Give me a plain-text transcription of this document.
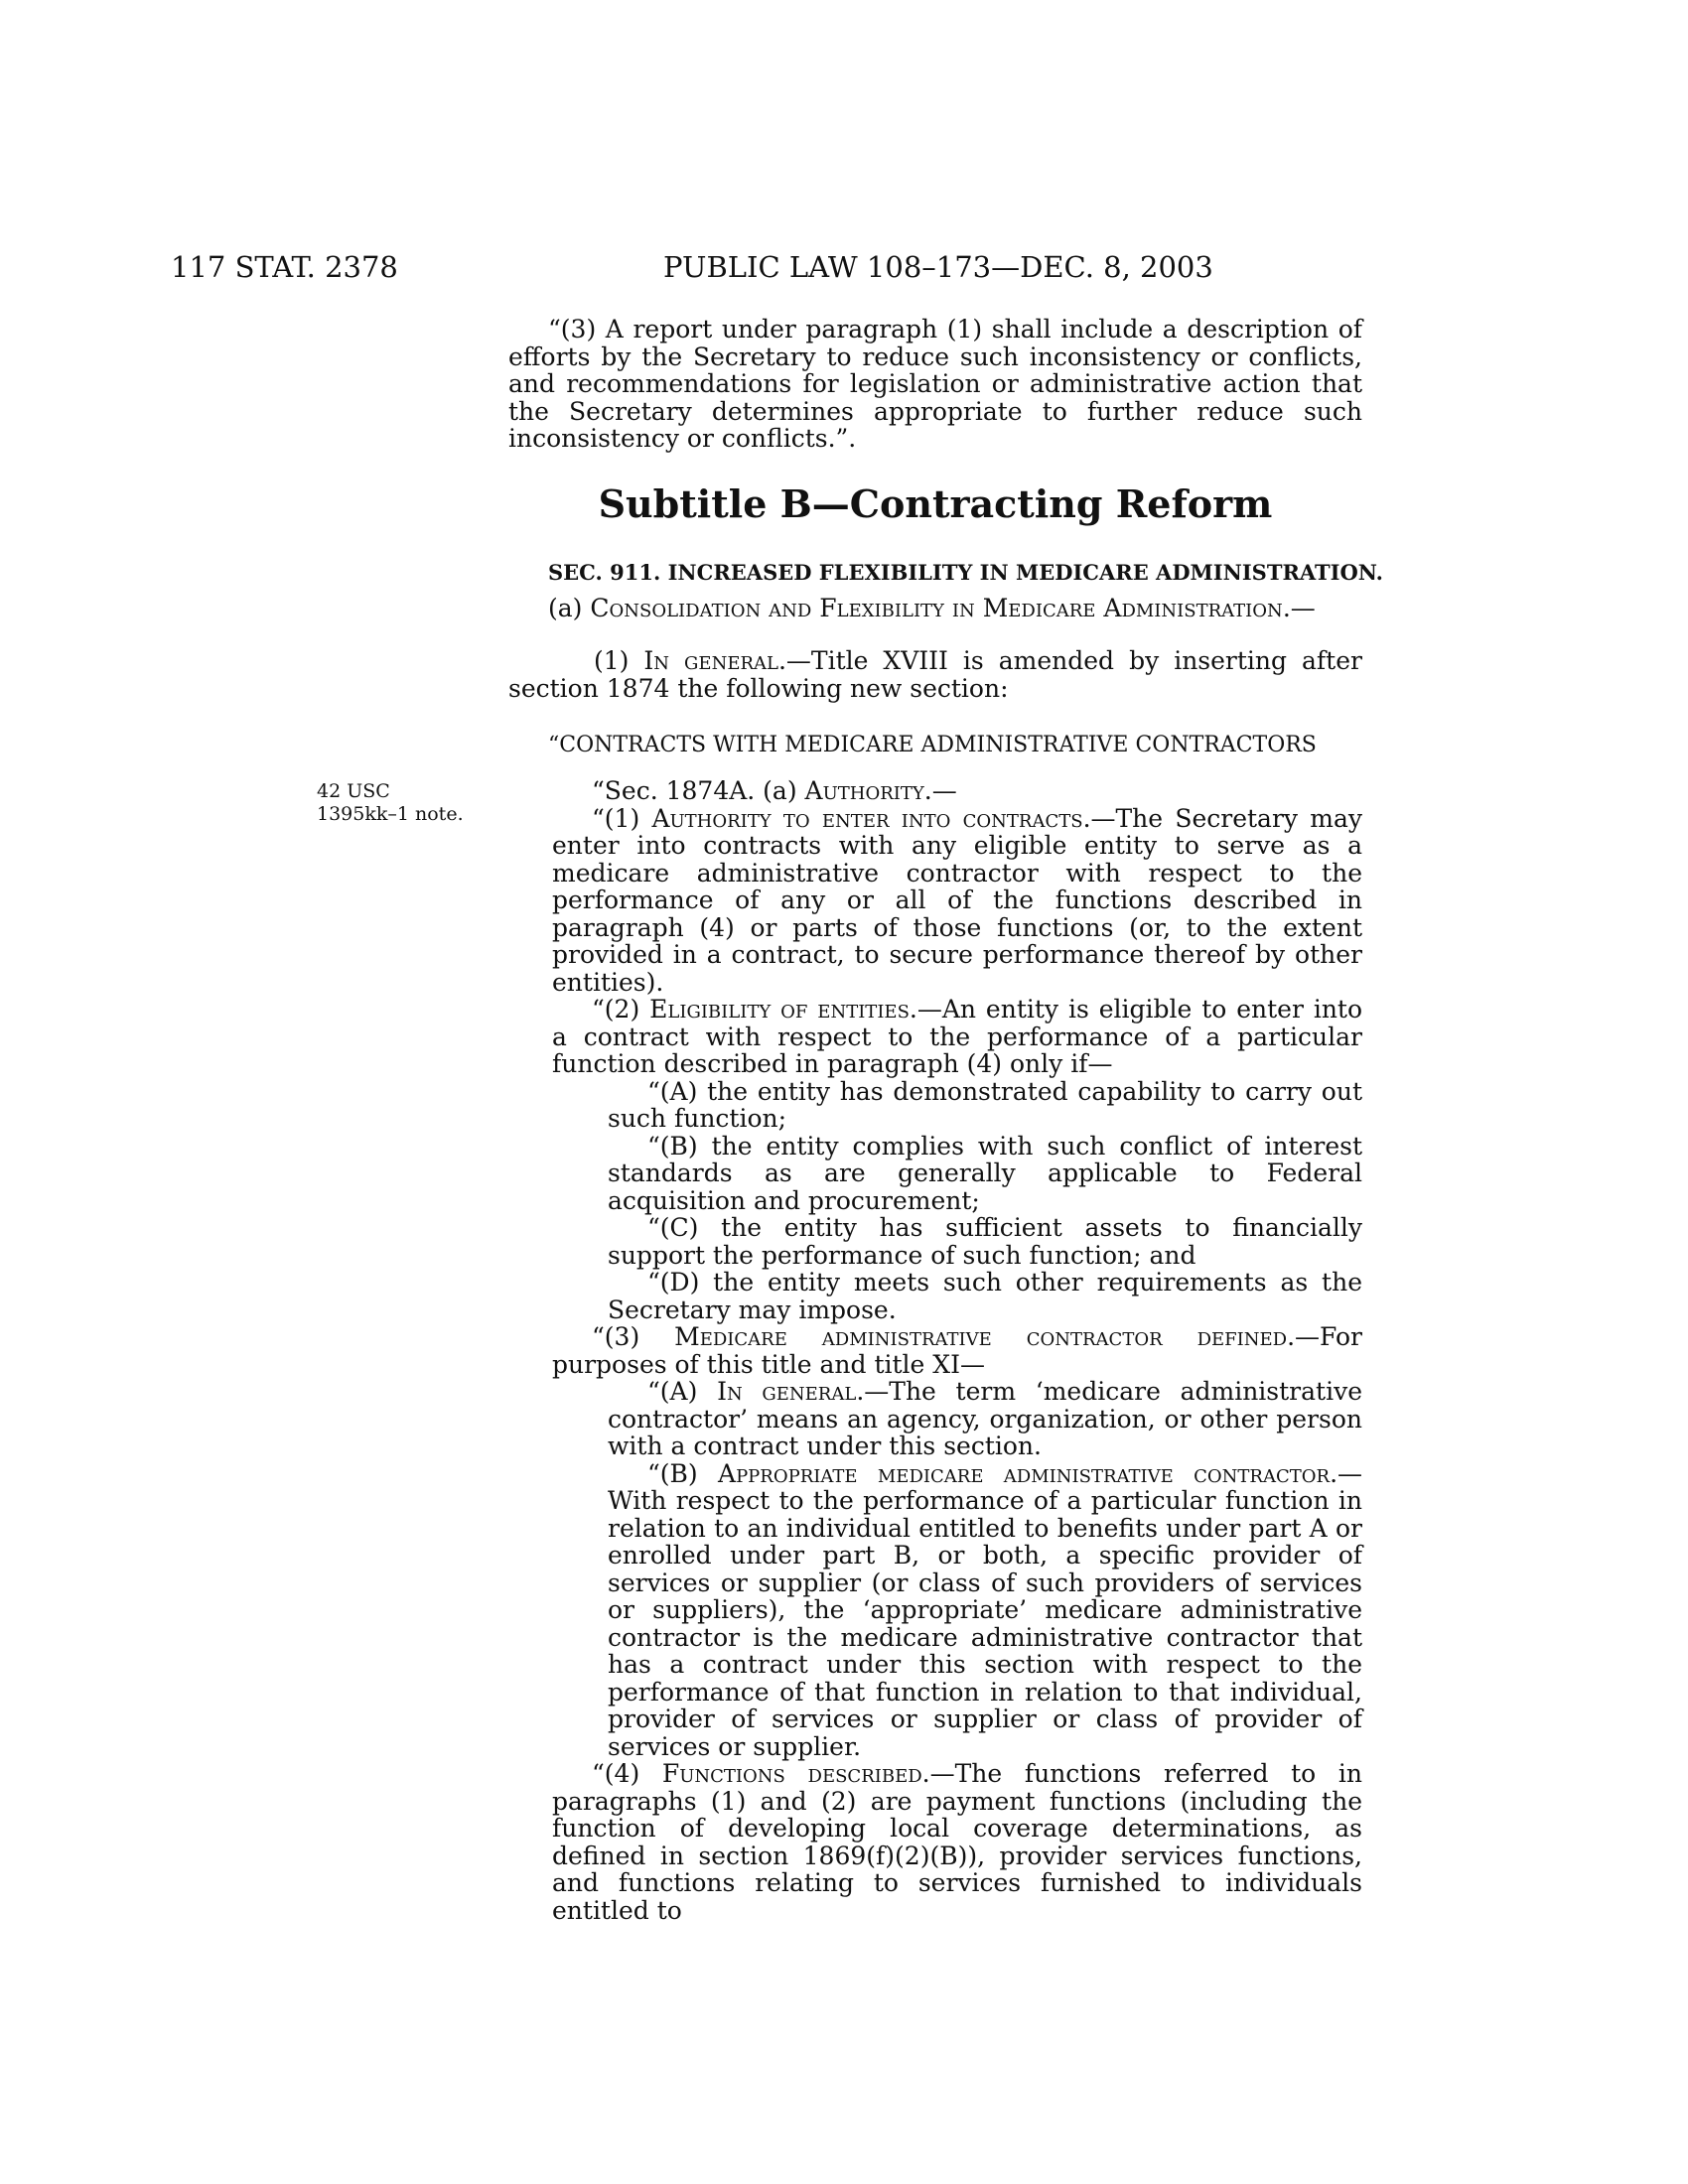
117 STAT. 2378	PUBLIC LAW 108–173—DEC. 8, 2003

“(3) A report under paragraph (1) shall include a description of efforts by the Secretary to reduce such inconsistency or conflicts, and recommendations for legislation or administrative action that the Secretary determines appropriate to further reduce such inconsistency or conflicts.”.

Subtitle B—Contracting Reform
SEC. 911. INCREASED FLEXIBILITY IN MEDICARE ADMINISTRATION.

(a) Consolidation and Flexibility in Medicare Administration.—

(1) In general.—Title XVIII is amended by inserting after section 1874 the following new section:

“CONTRACTS WITH MEDICARE ADMINISTRATIVE CONTRACTORS

42 USC
1395kk–1 note.

“Sec. 1874A. (a) Authority.—

“(1) Authority to enter into contracts.—The Secretary may enter into contracts with any eligible entity to serve as a medicare administrative contractor with respect to the performance of any or all of the functions described in paragraph (4) or parts of those functions (or, to the extent provided in a contract, to secure performance thereof by other entities).

“(2) Eligibility of entities.—An entity is eligible to enter into a contract with respect to the performance of a particular function described in paragraph (4) only if—

“(A) the entity has demonstrated capability to carry out such function;

“(B) the entity complies with such conflict of interest standards as are generally applicable to Federal acquisition and procurement;

“(C) the entity has sufficient assets to financially support the performance of such function; and

“(D) the entity meets such other requirements as the Secretary may impose.

“(3) Medicare administrative contractor defined.—For purposes of this title and title XI—

“(A) In general.—The term ‘medicare administrative contractor’ means an agency, organization, or other person with a contract under this section.

“(B) Appropriate medicare administrative contractor.—With respect to the performance of a particular function in relation to an individual entitled to benefits under part A or enrolled under part B, or both, a specific provider of services or supplier (or class of such providers of services or suppliers), the ‘appropriate’ medicare administrative contractor is the medicare administrative contractor that has a contract under this section with respect to the performance of that function in relation to that individual, provider of services or supplier or class of provider of services or supplier.

“(4) Functions described.—The functions referred to in paragraphs (1) and (2) are payment functions (including the function of developing local coverage determinations, as defined in section 1869(f)(2)(B)), provider services functions, and functions relating to services furnished to individuals entitled to
